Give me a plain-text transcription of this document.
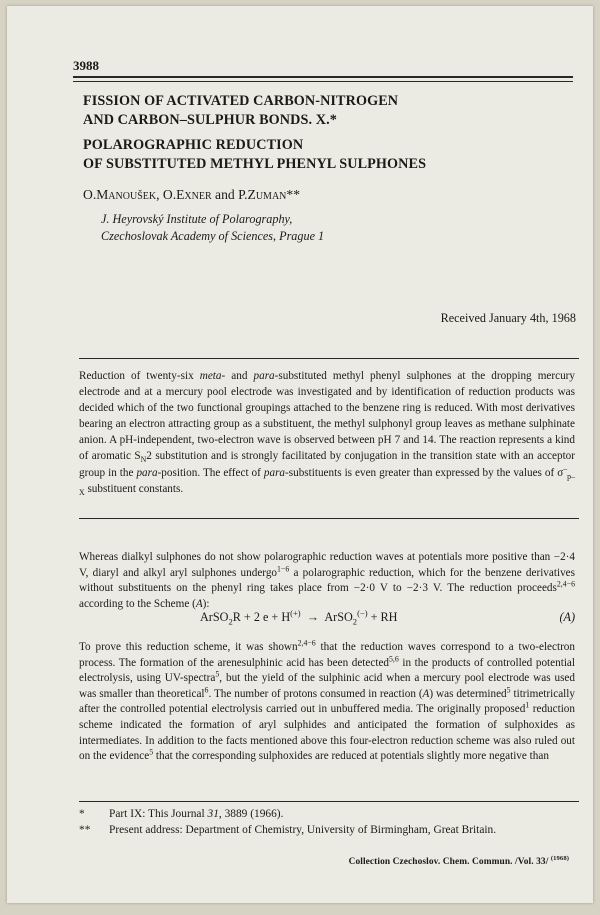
3988
FISSION OF ACTIVATED CARBON-NITROGEN
AND CARBON–SULPHUR BONDS. X.*
POLAROGRAPHIC REDUCTION
OF SUBSTITUTED METHYL PHENYL SULPHONES
O.Manoušek, O.Exner and P.Zuman**
J. Heyrovský Institute of Polarography,
Czechoslovak Academy of Sciences, Prague 1
Received January 4th, 1968

Reduction of twenty-six meta- and para-substituted methyl phenyl sulphones at the dropping mercury electrode and at a mercury pool electrode was investigated and by identification of reduction products was decided which of the two functional groupings attached to the benzene ring is reduced. With most derivatives bearing an electron attracting group as a substituent, the methyl sulphonyl group leaves as methane sulphinate anion. A pH-independent, two-electron wave is observed between pH 7 and 14. The reaction represents a kind of aromatic $S_N2$ substitution and is strongly facilitated by conjugation in the transition state with an acceptor group in the para-position. The effect of para-substituents is even greater than expressed by the values of $\sigma^-_{p-X}$ substituent constants.

Whereas dialkyl sulphones do not show polarographic reduction waves at potentials more positive than −2·4 V, diaryl and alkyl aryl sulphones undergo$^{1-6}$ a polarographic reduction, which for the benzene derivatives without substituents on the phenyl ring takes place from −2·0 V to −2·3 V. The reduction proceeds$^{2,4-6}$ according to the Scheme (A):

ArSO$_2$R + 2 e + H(+)  →  ArSO$_2$(−) + RH	(A)

To prove this reduction scheme, it was shown$^{2,4-6}$ that the reduction waves correspond to a two-electron process. The formation of the arenesulphinic acid has been detected$^{5,6}$ in the products of controlled potential electrolysis, using UV-spectra$^5$, but the yield of the sulphinic acid when a mercury pool electrode was used was smaller than theoretical$^6$. The number of protons consumed in reaction (A) was determined$^5$ titrimetrically after the controlled potential electrolysis carried out in unbuffered media. The originally proposed$^1$ reduction scheme indicated the formation of aryl sulphides and anticipated the formation of sulphoxides as intermediates. In addition to the facts mentioned above this four-electron reduction scheme was also ruled out on the evidence$^5$ that the corresponding sulphoxides are reduced at potentials slightly more negative than

* Part IX: This Journal 31, 3889 (1966).
** Present address: Department of Chemistry, University of Birmingham, Great Britain.
Collection Czechoslov. Chem. Commun. /Vol. 33/ $^{(1968)}$
